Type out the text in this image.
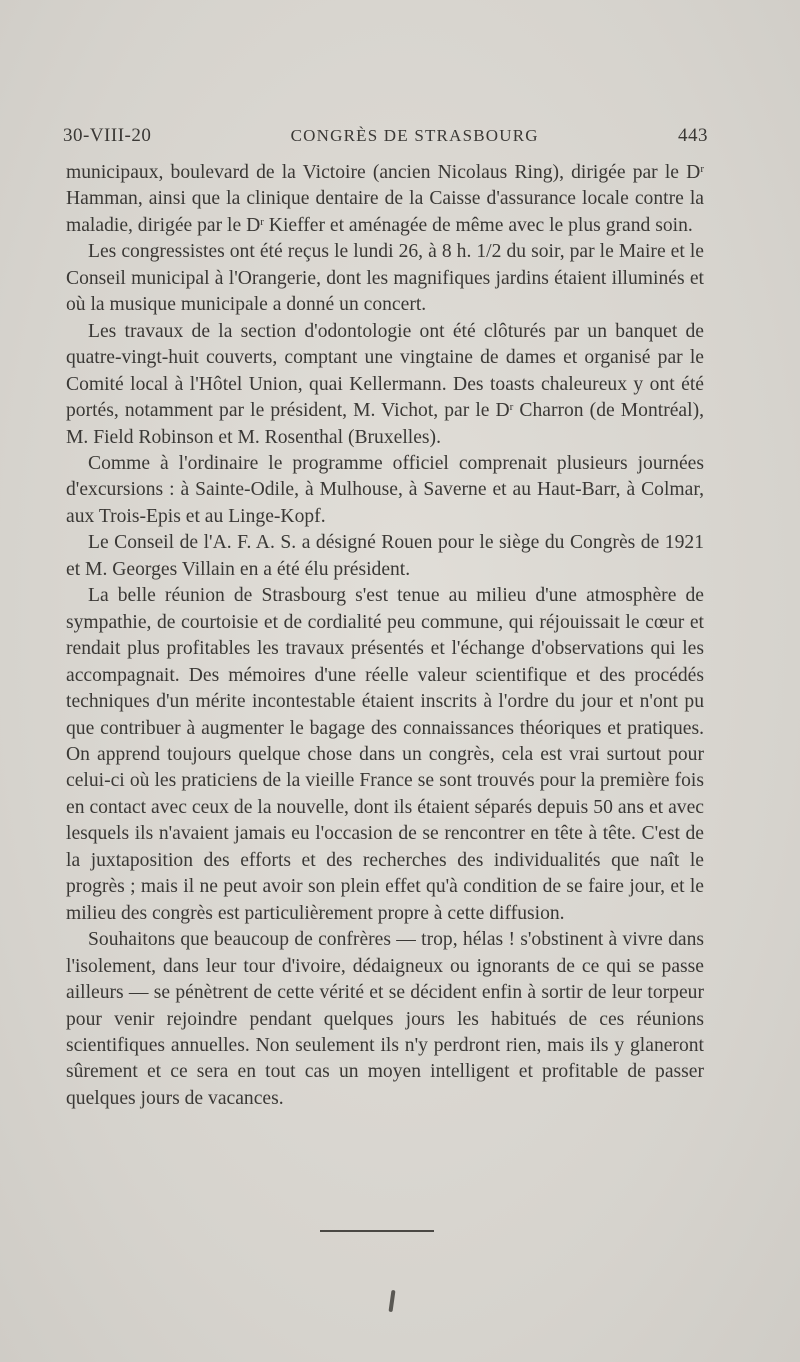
30-VIII-20	CONGRÈS DE STRASBOURG	443

municipaux, boulevard de la Victoire (ancien Nicolaus Ring), dirigée par le $D^r$ Hamman, ainsi que la clinique dentaire de la Caisse d'assurance locale contre la maladie, dirigée par le $D^r$ Kieffer et aménagée de même avec le plus grand soin.

Les congressistes ont été reçus le lundi 26, à 8 h. 1/2 du soir, par le Maire et le Conseil municipal à l'Orangerie, dont les magnifiques jardins étaient illuminés et où la musique municipale a donné un concert.

Les travaux de la section d'odontologie ont été clôturés par un banquet de quatre-vingt-huit couverts, comptant une vingtaine de dames et organisé par le Comité local à l'Hôtel Union, quai Kellermann. Des toasts chaleureux y ont été portés, notamment par le président, M. Vichot, par le $D^r$ Charron (de Montréal), M. Field Robinson et M. Rosenthal (Bruxelles).

Comme à l'ordinaire le programme officiel comprenait plusieurs journées d'excursions : à Sainte-Odile, à Mulhouse, à Saverne et au Haut-Barr, à Colmar, aux Trois-Epis et au Linge-Kopf.

Le Conseil de l'A. F. A. S. a désigné Rouen pour le siège du Congrès de 1921 et M. Georges Villain en a été élu président.

La belle réunion de Strasbourg s'est tenue au milieu d'une atmosphère de sympathie, de courtoisie et de cordialité peu commune, qui réjouissait le cœur et rendait plus profitables les travaux présentés et l'échange d'observations qui les accompagnait. Des mémoires d'une réelle valeur scientifique et des procédés techniques d'un mérite incontestable étaient inscrits à l'ordre du jour et n'ont pu que contribuer à augmenter le bagage des connaissances théoriques et pratiques. On apprend toujours quelque chose dans un congrès, cela est vrai surtout pour celui-ci où les praticiens de la vieille France se sont trouvés pour la première fois en contact avec ceux de la nouvelle, dont ils étaient séparés depuis 50 ans et avec lesquels ils n'avaient jamais eu l'occasion de se rencontrer en tête à tête. C'est de la juxtaposition des efforts et des recherches des individualités que naît le progrès ; mais il ne peut avoir son plein effet qu'à condition de se faire jour, et le milieu des congrès est particulièrement propre à cette diffusion.

Souhaitons que beaucoup de confrères — trop, hélas ! s'obstinent à vivre dans l'isolement, dans leur tour d'ivoire, dédaigneux ou ignorants de ce qui se passe ailleurs — se pénètrent de cette vérité et se décident enfin à sortir de leur torpeur pour venir rejoindre pendant quelques jours les habitués de ces réunions scientifiques annuelles. Non seulement ils n'y perdront rien, mais ils y glaneront sûrement et ce sera en tout cas un moyen intelligent et profitable de passer quelques jours de vacances.
